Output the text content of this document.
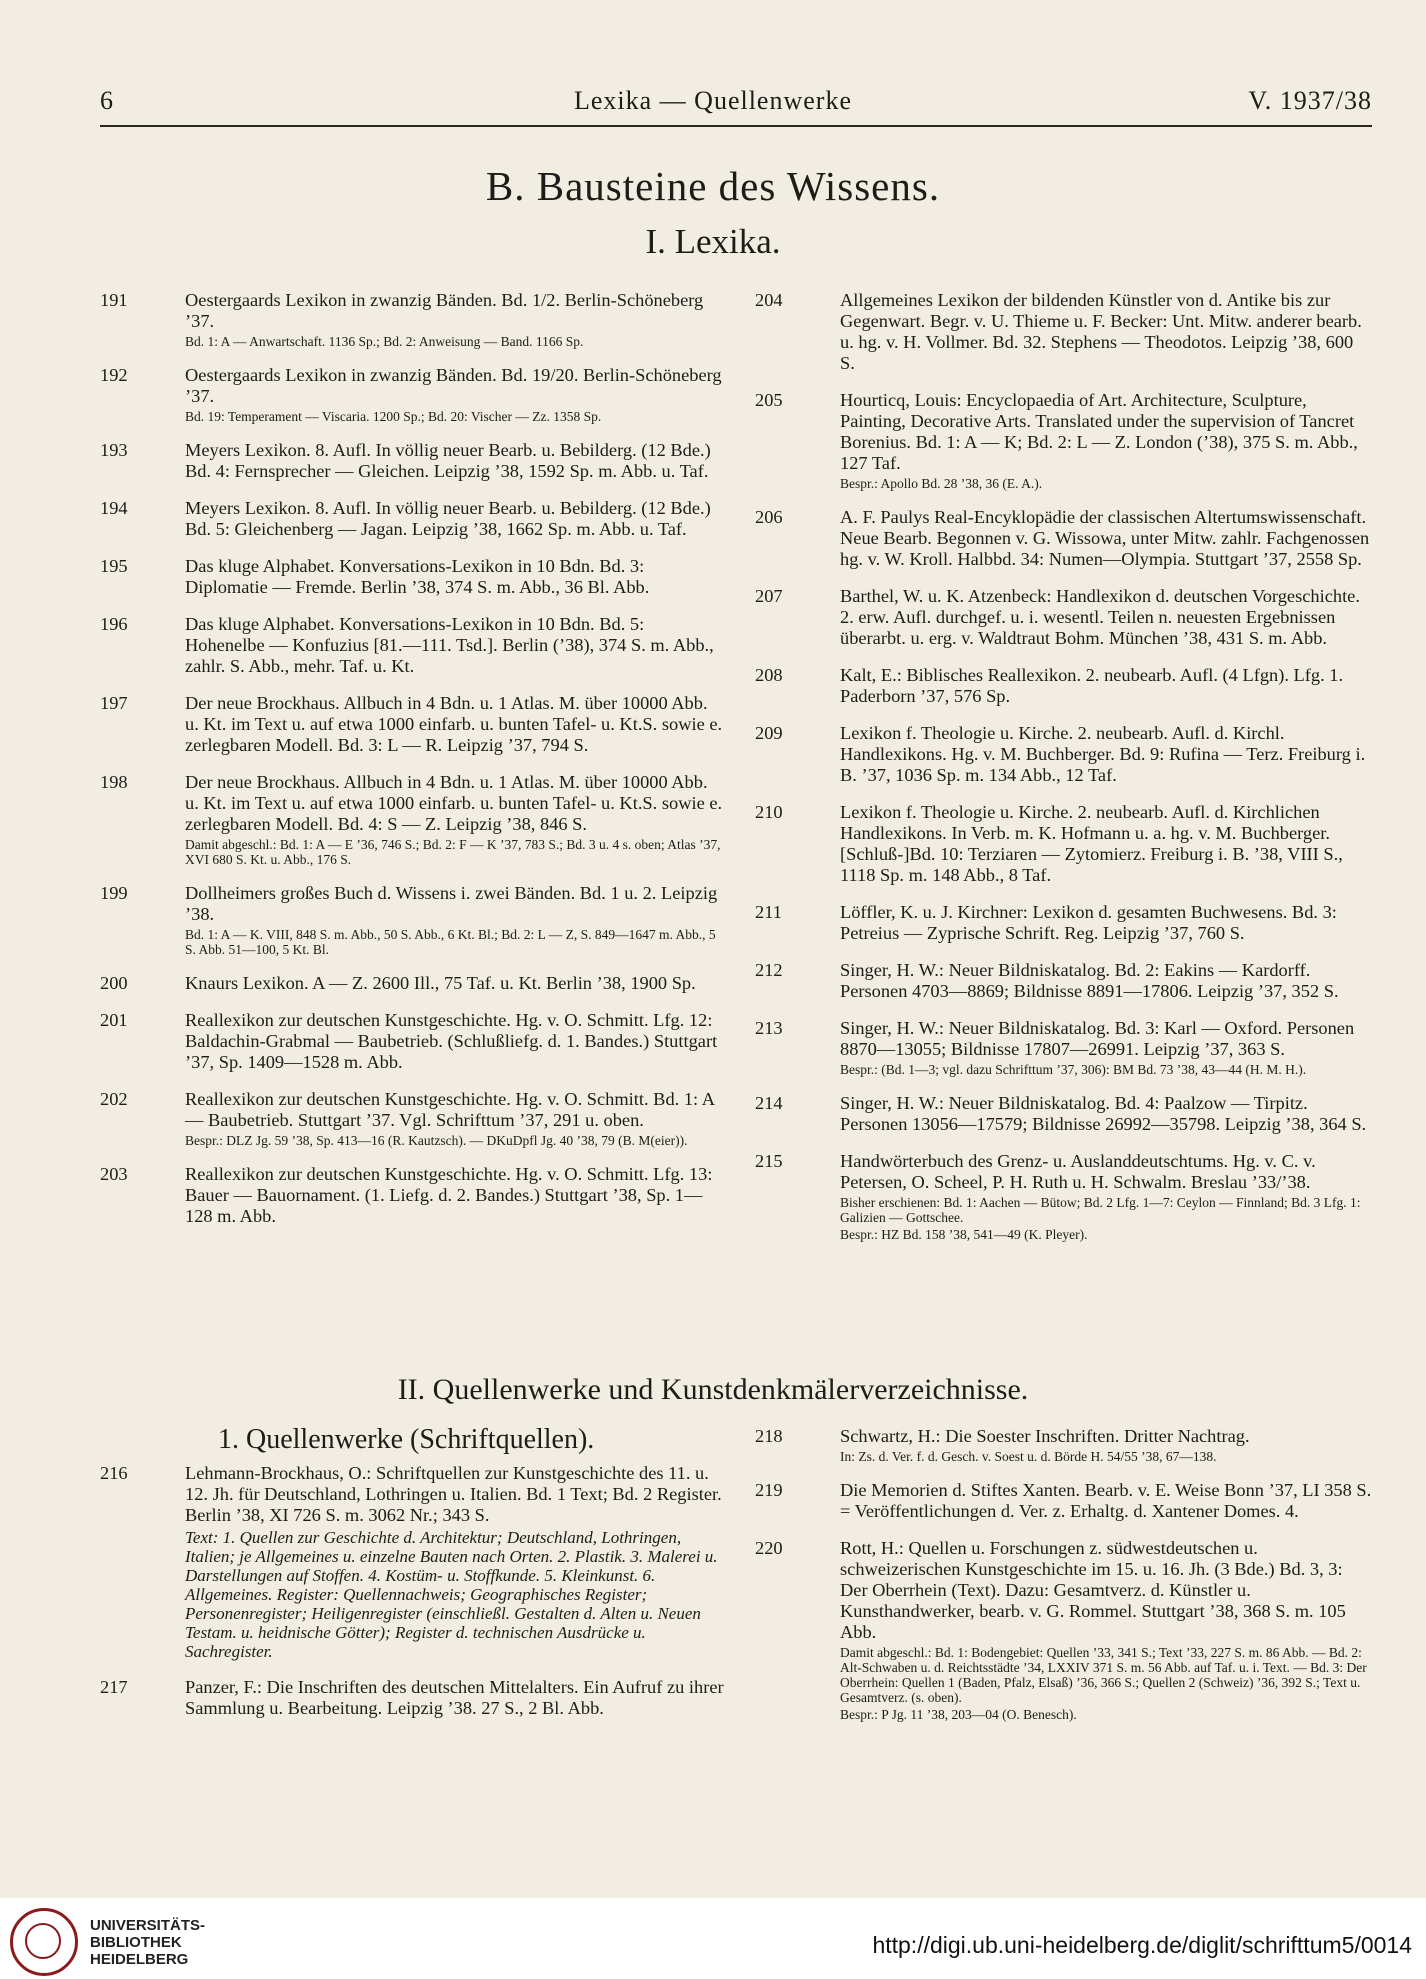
6	Lexika — Quellenwerke	V. 1937/38
B. Bausteine des Wissens.
I. Lexika.
191	Oestergaards Lexikon in zwanzig Bänden. Bd. 1/2. Berlin-Schöneberg ’37.
Bd. 1: A — Anwartschaft. 1136 Sp.; Bd. 2: Anweisung — Band. 1166 Sp.
192	Oestergaards Lexikon in zwanzig Bänden. Bd. 19/20. Berlin-Schöneberg ’37.
Bd. 19: Temperament — Viscaria. 1200 Sp.; Bd. 20: Vischer — Zz. 1358 Sp.
193	Meyers Lexikon. 8. Aufl. In völlig neuer Bearb. u. Bebilderg. (12 Bde.) Bd. 4: Fernsprecher — Gleichen. Leipzig ’38, 1592 Sp. m. Abb. u. Taf.
194	Meyers Lexikon. 8. Aufl. In völlig neuer Bearb. u. Bebilderg. (12 Bde.) Bd. 5: Gleichenberg — Jagan. Leipzig ’38, 1662 Sp. m. Abb. u. Taf.
195	Das kluge Alphabet. Konversations-Lexikon in 10 Bdn. Bd. 3: Diplomatie — Fremde. Berlin ’38, 374 S. m. Abb., 36 Bl. Abb.
196	Das kluge Alphabet. Konversations-Lexikon in 10 Bdn. Bd. 5: Hohenelbe — Konfuzius [81.—111. Tsd.]. Berlin (’38), 374 S. m. Abb., zahlr. S. Abb., mehr. Taf. u. Kt.
197	Der neue Brockhaus. Allbuch in 4 Bdn. u. 1 Atlas. M. über 10000 Abb. u. Kt. im Text u. auf etwa 1000 einfarb. u. bunten Tafel- u. Kt.S. sowie e. zerlegbaren Modell. Bd. 3: L — R. Leipzig ’37, 794 S.
198	Der neue Brockhaus. Allbuch in 4 Bdn. u. 1 Atlas. M. über 10000 Abb. u. Kt. im Text u. auf etwa 1000 einfarb. u. bunten Tafel- u. Kt.S. sowie e. zerlegbaren Modell. Bd. 4: S — Z. Leipzig ’38, 846 S.
Damit abgeschl.: Bd. 1: A — E ’36, 746 S.; Bd. 2: F — K ’37, 783 S.; Bd. 3 u. 4 s. oben; Atlas ’37, XVI 680 S. Kt. u. Abb., 176 S.
199	Dollheimers großes Buch d. Wissens i. zwei Bänden. Bd. 1 u. 2. Leipzig ’38.
Bd. 1: A — K. VIII, 848 S. m. Abb., 50 S. Abb., 6 Kt. Bl.; Bd. 2: L — Z, S. 849—1647 m. Abb., 5 S. Abb. 51—100, 5 Kt. Bl.
200	Knaurs Lexikon. A — Z. 2600 Ill., 75 Taf. u. Kt. Berlin ’38, 1900 Sp.
201	Reallexikon zur deutschen Kunstgeschichte. Hg. v. O. Schmitt. Lfg. 12: Baldachin-Grabmal — Baubetrieb. (Schlußliefg. d. 1. Bandes.) Stuttgart ’37, Sp. 1409—1528 m. Abb.
202	Reallexikon zur deutschen Kunstgeschichte. Hg. v. O. Schmitt. Bd. 1: A — Baubetrieb. Stuttgart ’37. Vgl. Schrifttum ’37, 291 u. oben.
Bespr.: DLZ Jg. 59 ’38, Sp. 413—16 (R. Kautzsch). — DKuDpfl Jg. 40 ’38, 79 (B. M(eier)).
203	Reallexikon zur deutschen Kunstgeschichte. Hg. v. O. Schmitt. Lfg. 13: Bauer — Bauornament. (1. Liefg. d. 2. Bandes.) Stuttgart ’38, Sp. 1—128 m. Abb.
204	Allgemeines Lexikon der bildenden Künstler von d. Antike bis zur Gegenwart. Begr. v. U. Thieme u. F. Becker: Unt. Mitw. anderer bearb. u. hg. v. H. Vollmer. Bd. 32. Stephens — Theodotos. Leipzig ’38, 600 S.
205	Hourticq, Louis: Encyclopaedia of Art. Architecture, Sculpture, Painting, Decorative Arts. Translated under the supervision of Tancret Borenius. Bd. 1: A — K; Bd. 2: L — Z. London (’38), 375 S. m. Abb., 127 Taf.
Bespr.: Apollo Bd. 28 ’38, 36 (E. A.).
206	A. F. Paulys Real-Encyklopädie der classischen Altertumswissenschaft. Neue Bearb. Begonnen v. G. Wissowa, unter Mitw. zahlr. Fachgenossen hg. v. W. Kroll. Halbbd. 34: Numen—Olympia. Stuttgart ’37, 2558 Sp.
207	Barthel, W. u. K. Atzenbeck: Handlexikon d. deutschen Vorgeschichte. 2. erw. Aufl. durchgef. u. i. wesentl. Teilen n. neuesten Ergebnissen überarbt. u. erg. v. Waldtraut Bohm. München ’38, 431 S. m. Abb.
208	Kalt, E.: Biblisches Reallexikon. 2. neubearb. Aufl. (4 Lfgn). Lfg. 1. Paderborn ’37, 576 Sp.
209	Lexikon f. Theologie u. Kirche. 2. neubearb. Aufl. d. Kirchl. Handlexikons. Hg. v. M. Buchberger. Bd. 9: Rufina — Terz. Freiburg i. B. ’37, 1036 Sp. m. 134 Abb., 12 Taf.
210	Lexikon f. Theologie u. Kirche. 2. neubearb. Aufl. d. Kirchlichen Handlexikons. In Verb. m. K. Hofmann u. a. hg. v. M. Buchberger. [Schluß-]Bd. 10: Terziaren — Zytomierz. Freiburg i. B. ’38, VIII S., 1118 Sp. m. 148 Abb., 8 Taf.
211	Löffler, K. u. J. Kirchner: Lexikon d. gesamten Buchwesens. Bd. 3: Petreius — Zyprische Schrift. Reg. Leipzig ’37, 760 S.
212	Singer, H. W.: Neuer Bildniskatalog. Bd. 2: Eakins — Kardorff. Personen 4703—8869; Bildnisse 8891—17806. Leipzig ’37, 352 S.
213	Singer, H. W.: Neuer Bildniskatalog. Bd. 3: Karl — Oxford. Personen 8870—13055; Bildnisse 17807—26991. Leipzig ’37, 363 S.
Bespr.: (Bd. 1—3; vgl. dazu Schrifttum ’37, 306): BM Bd. 73 ’38, 43—44 (H. M. H.).
214	Singer, H. W.: Neuer Bildniskatalog. Bd. 4: Paalzow — Tirpitz. Personen 13056—17579; Bildnisse 26992—35798. Leipzig ’38, 364 S.
215	Handwörterbuch des Grenz- u. Auslanddeutschtums. Hg. v. C. v. Petersen, O. Scheel, P. H. Ruth u. H. Schwalm. Breslau ’33/’38.
Bisher erschienen: Bd. 1: Aachen — Bütow; Bd. 2 Lfg. 1—7: Ceylon — Finnland; Bd. 3 Lfg. 1: Galizien — Gottschee.
Bespr.: HZ Bd. 158 ’38, 541—49 (K. Pleyer).
II. Quellenwerke und Kunstdenkmälerverzeichnisse.
1. Quellenwerke (Schriftquellen).
216	Lehmann-Brockhaus, O.: Schriftquellen zur Kunstgeschichte des 11. u. 12. Jh. für Deutschland, Lothringen u. Italien. Bd. 1 Text; Bd. 2 Register. Berlin ’38, XI 726 S. m. 3062 Nr.; 343 S.
Text: 1. Quellen zur Geschichte d. Architektur; Deutschland, Lothringen, Italien; je Allgemeines u. einzelne Bauten nach Orten. 2. Plastik. 3. Malerei u. Darstellungen auf Stoffen. 4. Kostüm- u. Stoffkunde. 5. Kleinkunst. 6. Allgemeines. Register: Quellennachweis; Geographisches Register; Personenregister; Heiligenregister (einschließl. Gestalten d. Alten u. Neuen Testam. u. heidnische Götter); Register d. technischen Ausdrücke u. Sachregister.
217	Panzer, F.: Die Inschriften des deutschen Mittelalters. Ein Aufruf zu ihrer Sammlung u. Bearbeitung. Leipzig ’38. 27 S., 2 Bl. Abb.
218	Schwartz, H.: Die Soester Inschriften. Dritter Nachtrag.
In: Zs. d. Ver. f. d. Gesch. v. Soest u. d. Börde H. 54/55 ’38, 67—138.
219	Die Memorien d. Stiftes Xanten. Bearb. v. E. Weise Bonn ’37, LI 358 S. = Veröffentlichungen d. Ver. z. Erhaltg. d. Xantener Domes. 4.
220	Rott, H.: Quellen u. Forschungen z. südwestdeutschen u. schweizerischen Kunstgeschichte im 15. u. 16. Jh. (3 Bde.) Bd. 3, 3: Der Oberrhein (Text). Dazu: Gesamtverz. d. Künstler u. Kunsthandwerker, bearb. v. G. Rommel. Stuttgart ’38, 368 S. m. 105 Abb.
Damit abgeschl.: Bd. 1: Bodengebiet: Quellen ’33, 341 S.; Text ’33, 227 S. m. 86 Abb. — Bd. 2: Alt-Schwaben u. d. Reichtsstädte ’34, LXXIV 371 S. m. 56 Abb. auf Taf. u. i. Text. — Bd. 3: Der Oberrhein: Quellen 1 (Baden, Pfalz, Elsaß) ’36, 366 S.; Quellen 2 (Schweiz) ’36, 392 S.; Text u. Gesamtverz. (s. oben).
Bespr.: P Jg. 11 ’38, 203—04 (O. Benesch).
UNIVERSITÄTS-
BIBLIOTHEK
HEIDELBERG
http://digi.ub.uni-heidelberg.de/diglit/schrifttum5/0014
